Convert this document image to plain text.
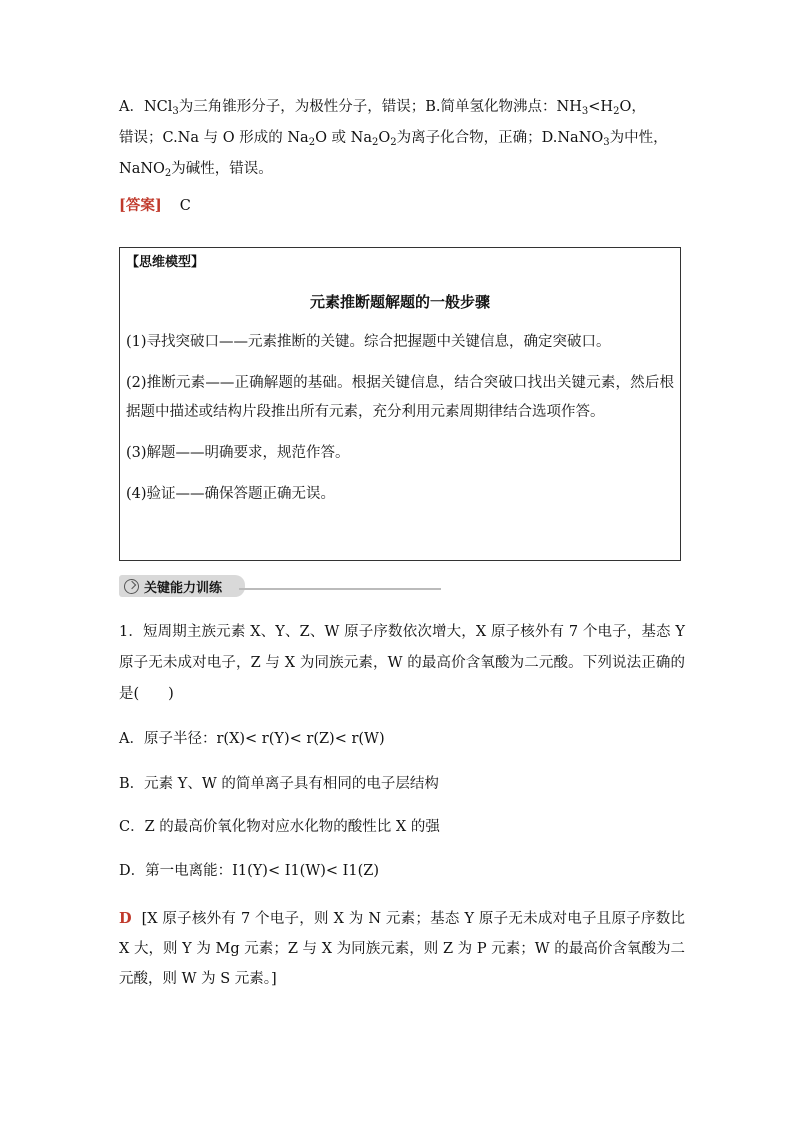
A．NCl$_3$为三角锥形分子，为极性分子，错误；B.简单氢化物沸点：$NH_3<H_2O$，

错误；C.Na 与 O 形成的 $Na_2O$ 或 $Na_2O_2$为离子化合物，正确；D.NaNO$_3$为中性，

NaNO$_2$为碱性，错误。

[答案] C

【思维模型】
元素推断题解题的一般步骤

(1)寻找突破口——元素推断的关键。综合把握题中关键信息，确定突破口。

(2)推断元素——正确解题的基础。根据关键信息，结合突破口找出关键元素，然后根据题中描述或结构片段推出所有元素，充分利用元素周期律结合选项作答。

(3)解题——明确要求，规范作答。

(4)验证——确保答题正确无误。

关键能力训练

1．短周期主族元素 X、Y、Z、W 原子序数依次增大，X 原子核外有 7 个电子，基态 Y 原子无未成对电子，Z 与 X 为同族元素，W 的最高价含氧酸为二元酸。下列说法正确的是(　　)

A．原子半径：r(X)< r(Y)< r(Z)< r(W)

B．元素 Y、W 的简单离子具有相同的电子层结构

C．Z 的最高价氧化物对应水化物的酸性比 X 的强

D．第一电离能：I1(Y)< I1(W)< I1(Z)

D [X 原子核外有 7 个电子，则 X 为 N 元素；基态 Y 原子无未成对电子且原子序数比 X 大，则 Y 为 Mg 元素；Z 与 X 为同族元素，则 Z 为 P 元素；W 的最高价含氧酸为二元酸，则 W 为 S 元素。]
